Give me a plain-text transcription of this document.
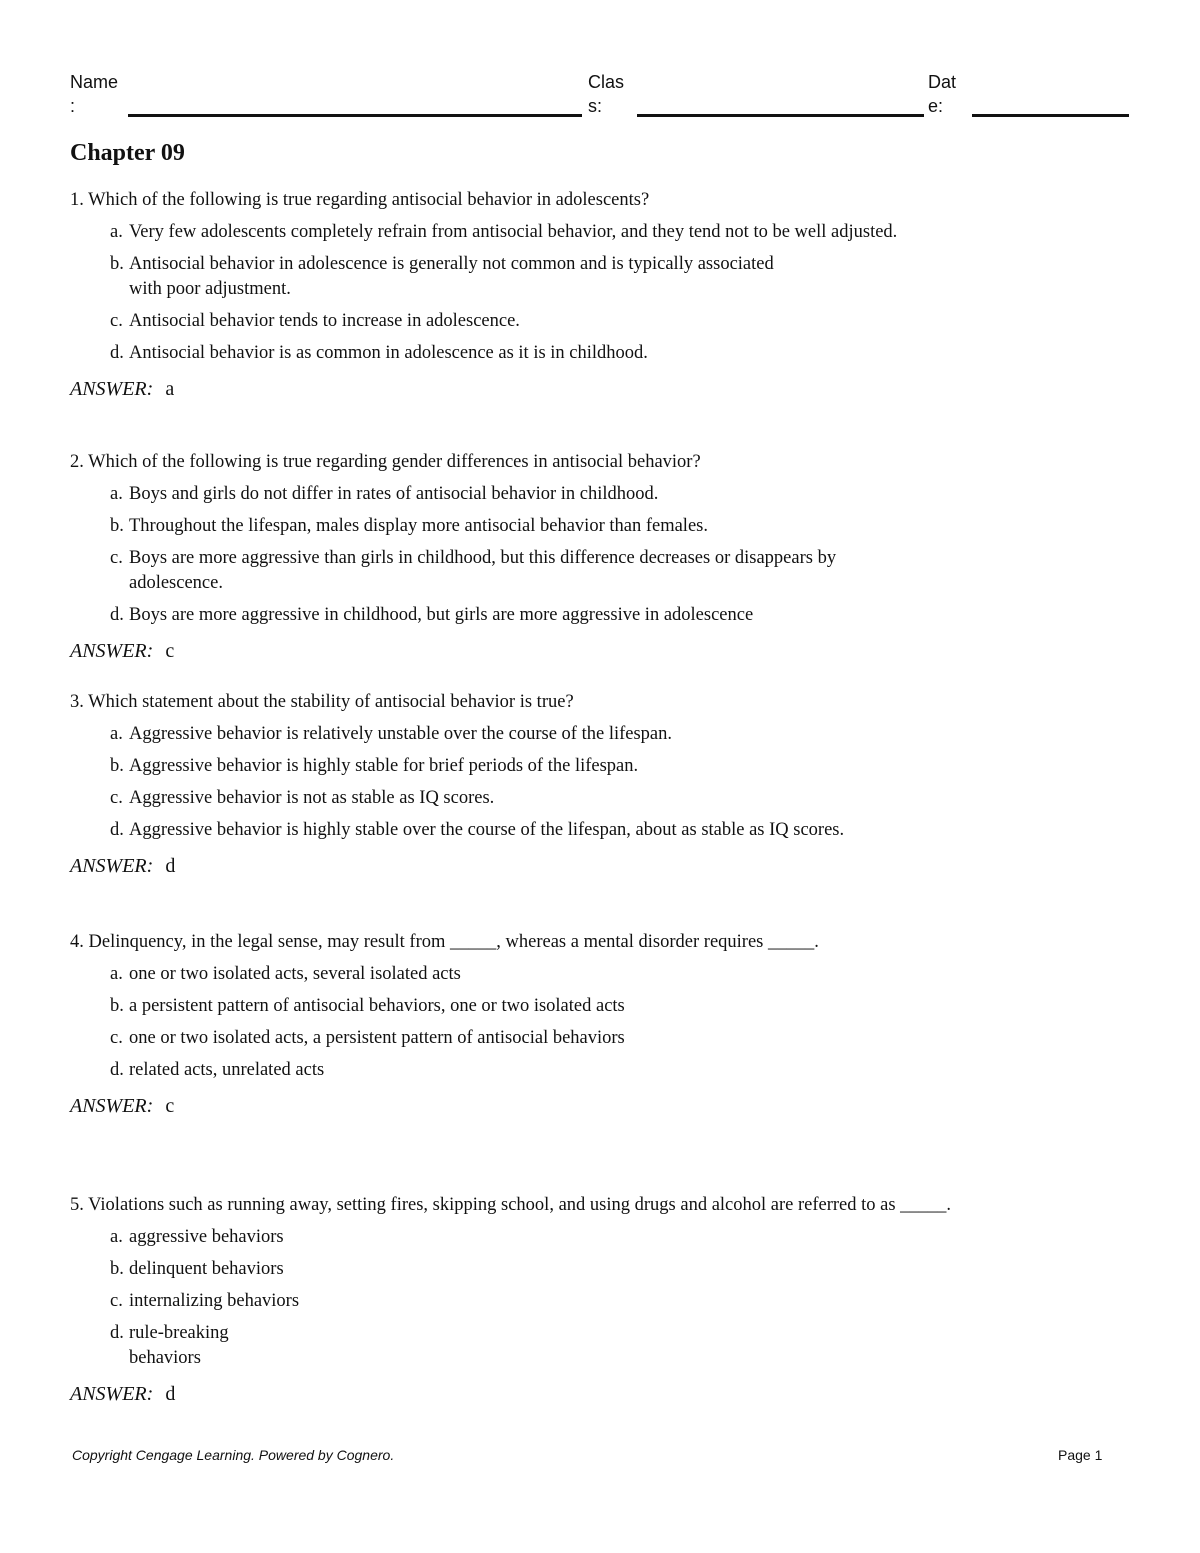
Name
:
Clas
s:
Dat
e:
Chapter 09
1. Which of the following is true regarding antisocial behavior in adolescents?
a. Very few adolescents completely refrain from antisocial behavior, and they tend not to be well adjusted.
b. Antisocial behavior in adolescence is generally not common and is typically associated with poor adjustment.
c. Antisocial behavior tends to increase in adolescence.
d. Antisocial behavior is as common in adolescence as it is in childhood.
ANSWER: a
2. Which of the following is true regarding gender differences in antisocial behavior?
a. Boys and girls do not differ in rates of antisocial behavior in childhood.
b. Throughout the lifespan, males display more antisocial behavior than females.
c. Boys are more aggressive than girls in childhood, but this difference decreases or disappears by adolescence.
d. Boys are more aggressive in childhood, but girls are more aggressive in adolescence
ANSWER: c
3. Which statement about the stability of antisocial behavior is true?
a. Aggressive behavior is relatively unstable over the course of the lifespan.
b. Aggressive behavior is highly stable for brief periods of the lifespan.
c. Aggressive behavior is not as stable as IQ scores.
d. Aggressive behavior is highly stable over the course of the lifespan, about as stable as IQ scores.
ANSWER: d
4. Delinquency, in the legal sense, may result from _____, whereas a mental disorder requires _____.
a. one or two isolated acts, several isolated acts
b. a persistent pattern of antisocial behaviors, one or two isolated acts
c. one or two isolated acts, a persistent pattern of antisocial behaviors
d. related acts, unrelated acts
ANSWER: c
5. Violations such as running away, setting fires, skipping school, and using drugs and alcohol are referred to as _____.
a. aggressive behaviors
b. delinquent behaviors
c. internalizing behaviors
d. rule-breaking behaviors
ANSWER: d
Copyright Cengage Learning. Powered by Cognero.	Page 1
